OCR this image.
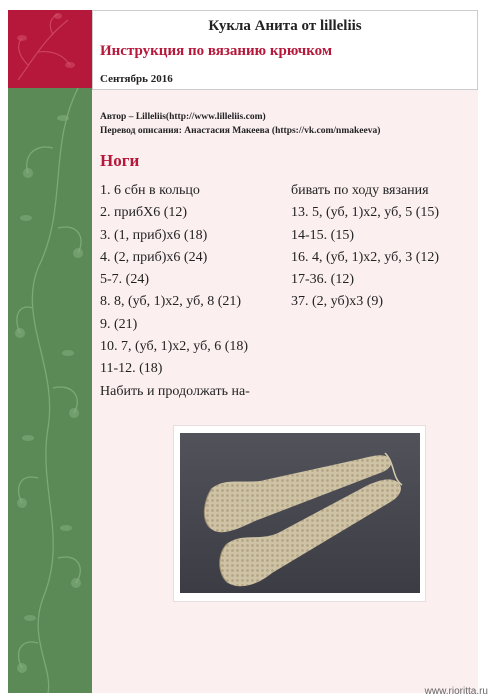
Кукла Анита от lilleliis
Инструкция по вязанию крючком
Сентябрь 2016
Автор – Lilleliis(http://www.lilleliis.com)
Перевод описания: Анастасия Макеева (https://vk.com/nmakeeva)
Ноги
1. 6 сбн в кольцо
2. прибХ6 (12)
3. (1, приб)х6 (18)
4. (2, приб)х6 (24)
5-7. (24)
8. 8, (уб, 1)х2, уб, 8 (21)
9. (21)
10. 7, (уб, 1)х2, уб, 6 (18)
11-12. (18)
Набить и продолжать на-
бивать по ходу вязания
13. 5, (уб, 1)х2, уб, 5 (15)
14-15. (15)
16. 4, (уб, 1)х2, уб, 3 (12)
17-36. (12)
37. (2, уб)х3 (9)
www.rioritta.ru
